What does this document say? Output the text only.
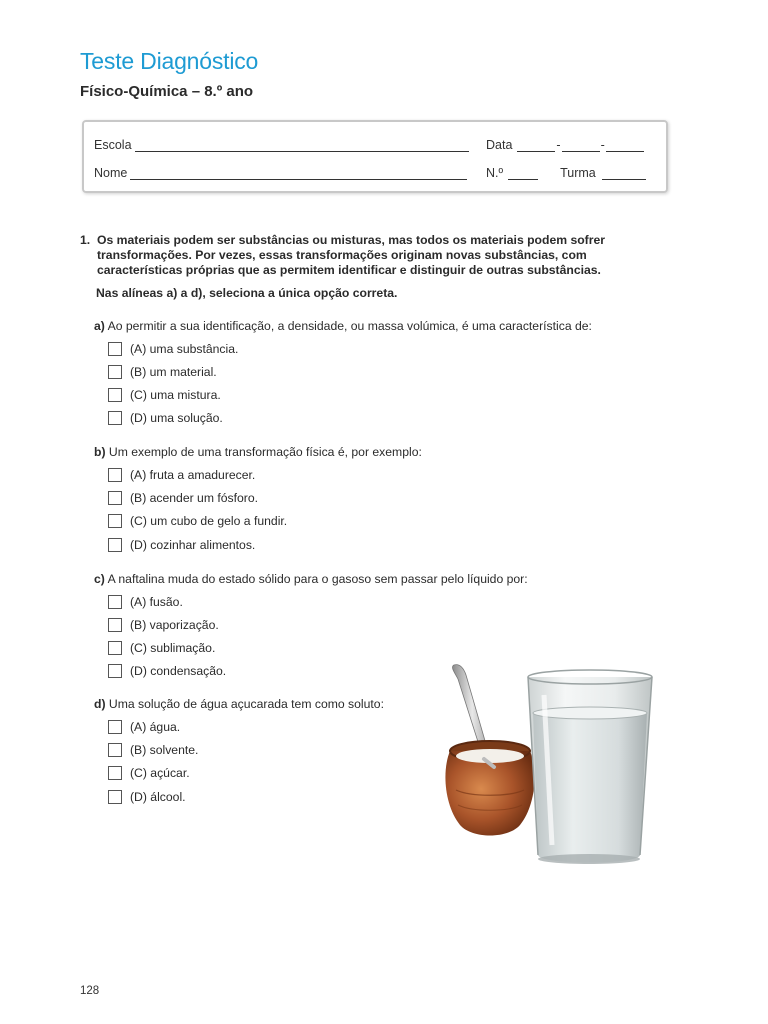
Teste Diagnóstico
Físico-Química – 8.º ano
Escola	Data	-	-
Nome	N.º	Turma
1. Os materiais podem ser substâncias ou misturas, mas todos os materiais podem sofrer
transformações. Por vezes, essas transformações originam novas substâncias, com
características próprias que as permitem identificar e distinguir de outras substâncias.
Nas alíneas a) a d), seleciona a única opção correta.
a) Ao permitir a sua identificação, a densidade, ou massa volúmica, é uma característica de:
(A) uma substância.
(B) um material.
(C) uma mistura.
(D) uma solução.
b) Um exemplo de uma transformação física é, por exemplo:
(A) fruta a amadurecer.
(B) acender um fósforo.
(C) um cubo de gelo a fundir.
(D) cozinhar alimentos.
c) A naftalina muda do estado sólido para o gasoso sem passar pelo líquido por:
(A) fusão.
(B) vaporização.
(C) sublimação.
(D) condensação.
d) Uma solução de água açucarada tem como soluto:
(A) água.
(B) solvente.
(C) açúcar.
(D) álcool.
128
